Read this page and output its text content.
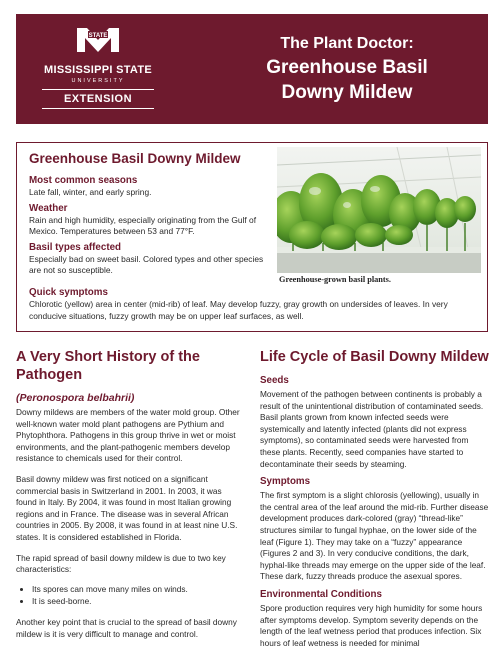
STATE
MISSISSIPPI STATE
UNIVERSITY
EXTENSION
The Plant Doctor:
Greenhouse Basil
Downy Mildew
Greenhouse Basil Downy Mildew
Most common seasons
Late fall, winter, and early spring.
Weather
Rain and high humidity, especially originating from the Gulf of Mexico. Temperatures between 53 and 77°F.
Basil types affected
Especially bad on sweet basil. Colored types and other species are not so susceptible.
Quick symptoms
Chlorotic (yellow) area in center (mid-rib) of leaf. May develop fuzzy, gray growth on undersides of leaves. In very conducive situations, fuzzy growth may be on upper leaf surfaces, as well.
Greenhouse-grown basil plants.
A Very Short History of the Pathogen
(Peronospora belbahrii)

Downy mildews are members of the water mold group. Other well-known water mold plant pathogens are Pythium and Phytophthora. Pathogens in this group thrive in wet or moist environments, and the plant-pathogenic members develop resistance to chemicals used for their control.

Basil downy mildew was first noticed on a significant commercial basis in Switzerland in 2001. In 2003, it was found in Italy. By 2004, it was found in most Italian growing regions and in France. The disease was in several African countries in 2005. By 2008, it was found in at least nine U.S. states. It is considered established in Florida.

The rapid spread of basil downy mildew is due to two key characteristics:

• Its spores can move many miles on winds.
• It is seed-borne.

Another key point that is crucial to the spread of basil downy mildew is it is very difficult to manage and control.

Life Cycle of Basil Downy Mildew
Seeds

Movement of the pathogen between continents is probably a result of the unintentional distribution of contaminated seeds. Basil plants grown from known infected seeds were systemically and latently infected (plants did not express symptoms), so contaminated seeds were harvested from these plants. Recently, seed companies have started to decontaminate their seeds by steaming.

Symptoms

The first symptom is a slight chlorosis (yellowing), usually in the central area of the leaf around the mid-rib. Further disease development produces dark-colored (gray) “thread-like” structures similar to fungal hyphae, on the lower side of the leaf (Figure 1). They may take on a “fuzzy” appearance (Figures 2 and 3). In very conducive conditions, the dark, hyphal-like threads may emerge on the upper side of the leaf. These dark, fuzzy threads produce the asexual spores.

Environmental Conditions

Spore production requires very high humidity for some hours after symptoms develop. Symptom severity depends on the length of the leaf wetness period that produces infection. Six hours of leaf wetness is needed for minimal
